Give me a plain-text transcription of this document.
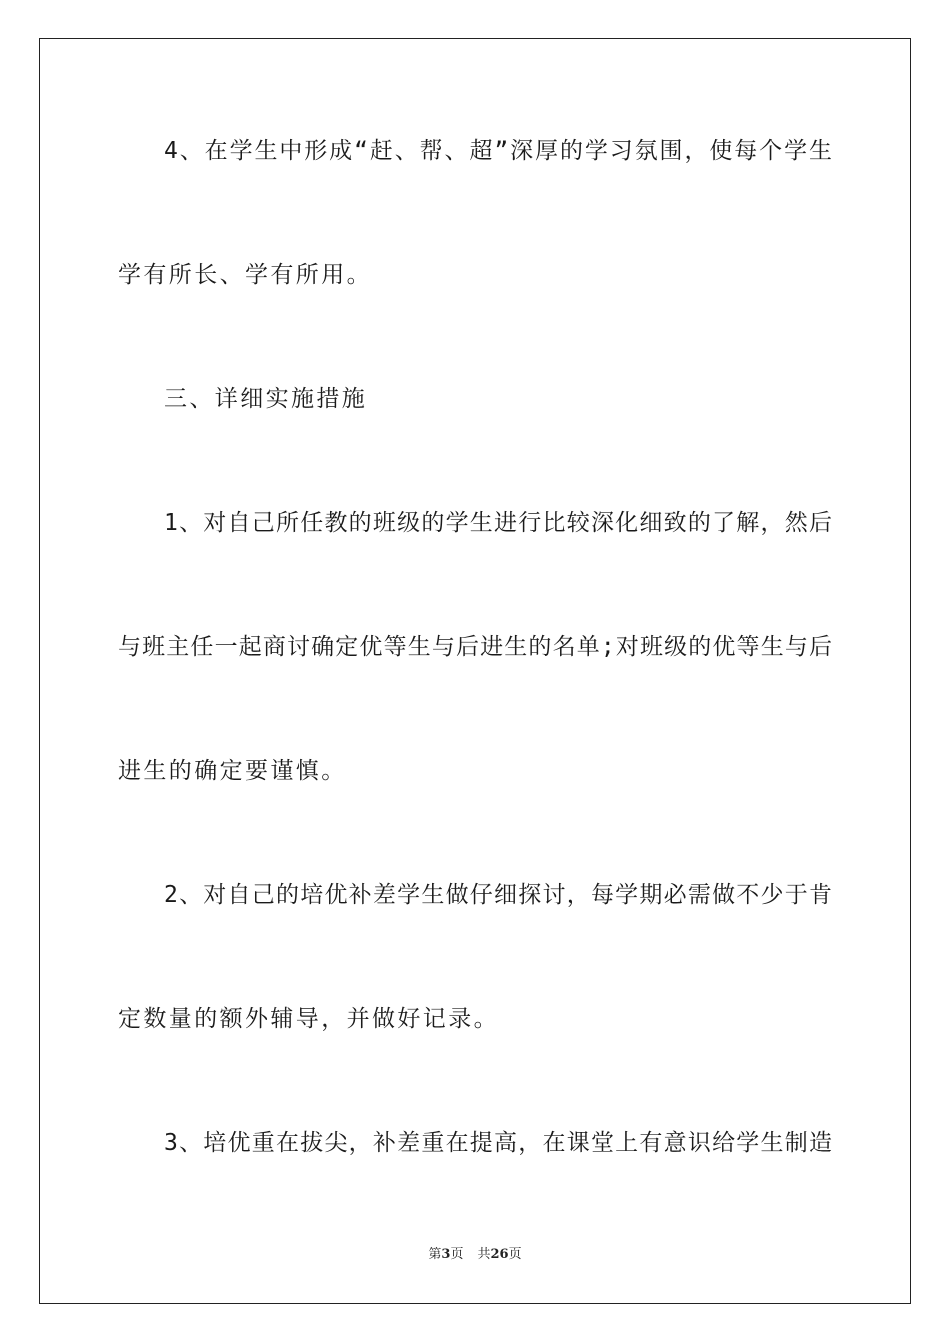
4、在学生中形成“赶、帮、超”深厚的学习氛围，使每个学生
学有所长、学有所用。
三、详细实施措施
1、对自己所任教的班级的学生进行比较深化细致的了解，然后
与班主任一起商讨确定优等生与后进生的名单;对班级的优等生与后
进生的确定要谨慎。
2、对自己的培优补差学生做仔细探讨，每学期必需做不少于肯
定数量的额外辅导，并做好记录。
3、培优重在拔尖，补差重在提高，在课堂上有意识给学生制造
第3页 共26页
